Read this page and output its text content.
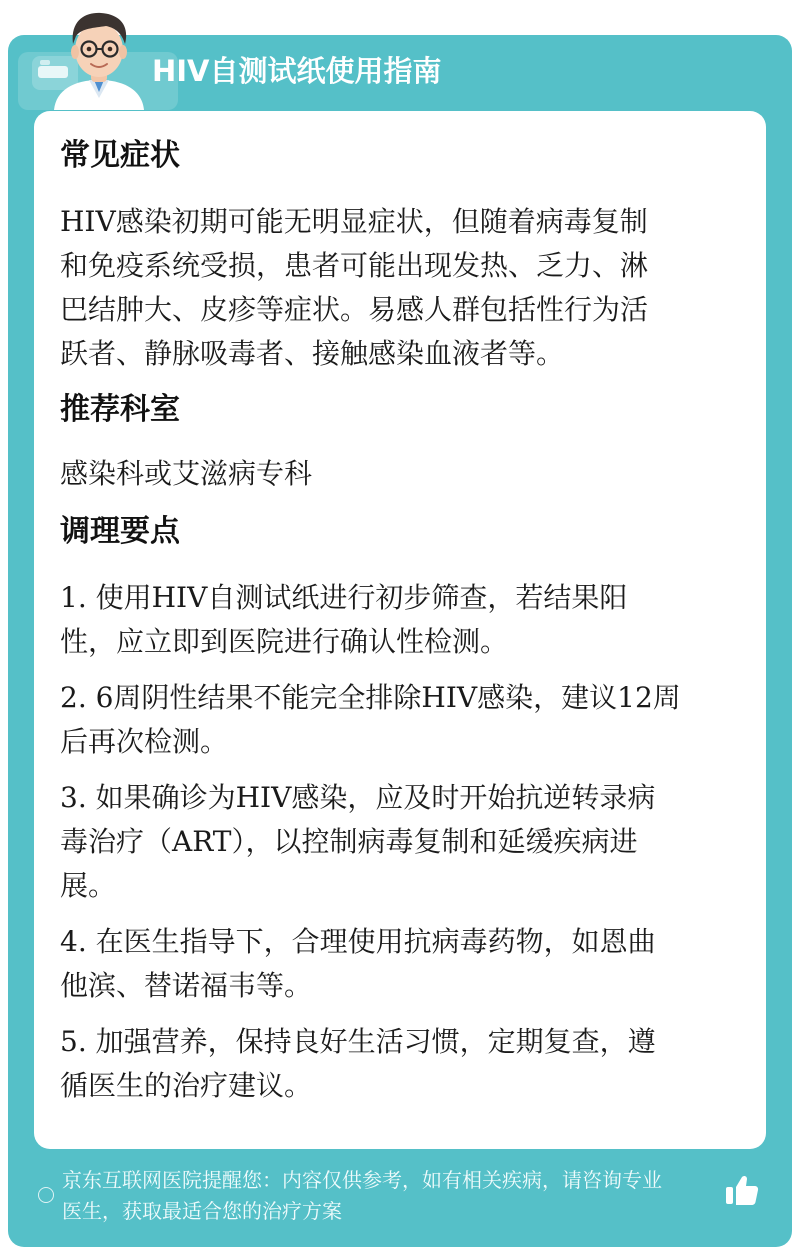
HIV自测试纸使用指南
常见症状
HIV感染初期可能无明显症状，但随着病毒复制
和免疫系统受损，患者可能出现发热、乏力、淋
巴结肿大、皮疹等症状。易感人群包括性行为活
跃者、静脉吸毒者、接触感染血液者等。
推荐科室
感染科或艾滋病专科
调理要点
1. 使用HIV自测试纸进行初步筛查，若结果阳
性，应立即到医院进行确认性检测。
2. 6周阴性结果不能完全排除HIV感染，建议12周
后再次检测。
3. 如果确诊为HIV感染，应及时开始抗逆转录病
毒治疗（ART），以控制病毒复制和延缓疾病进
展。
4. 在医生指导下，合理使用抗病毒药物，如恩曲
他滨、替诺福韦等。
5. 加强营养，保持良好生活习惯，定期复查，遵
循医生的治疗建议。
京东互联网医院提醒您：内容仅供参考，如有相关疾病，请咨询专业
医生，获取最适合您的治疗方案
